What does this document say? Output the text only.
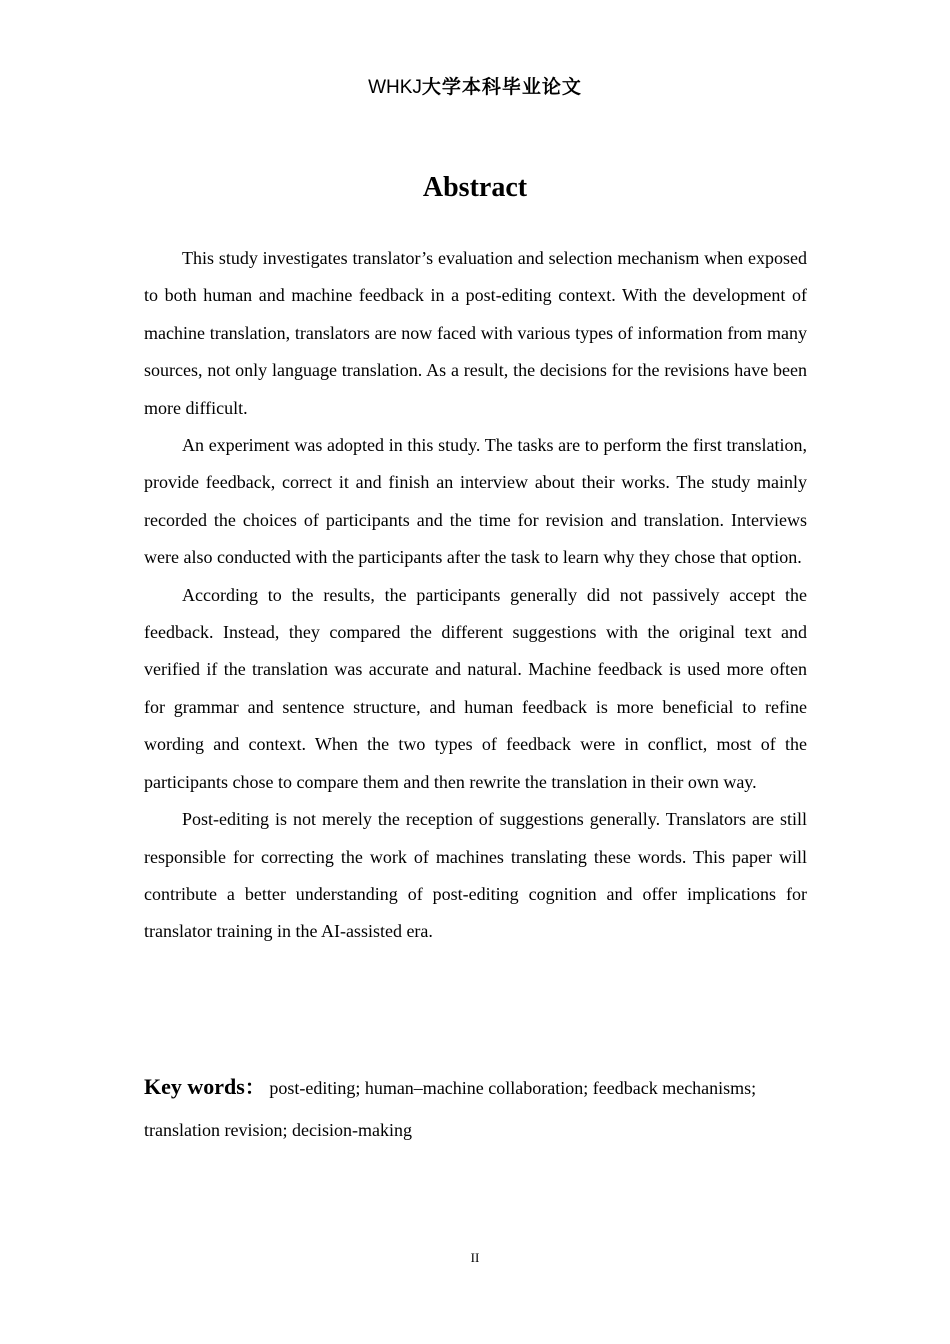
WHKJ大学本科毕业论文
Abstract

This study investigates translator’s evaluation and selection mechanism when exposed to both human and machine feedback in a post-editing context. With the development of machine translation, translators are now faced with various types of information from many sources, not only language translation. As a result, the decisions for the revisions have been more difficult.

An experiment was adopted in this study. The tasks are to perform the first translation, provide feedback, correct it and finish an interview about their works. The study mainly recorded the choices of participants and the time for revision and translation. Interviews were also conducted with the participants after the task to learn why they chose that option.

According to the results, the participants generally did not passively accept the feedback. Instead, they compared the different suggestions with the original text and verified if the translation was accurate and natural. Machine feedback is used more often for grammar and sentence structure, and human feedback is more beneficial to refine wording and context. When the two types of feedback were in conflict, most of the participants chose to compare them and then rewrite the translation in their own way.

Post-editing is not merely the reception of suggestions generally. Translators are still responsible for correcting the work of machines translating these words. This paper will contribute a better understanding of post-editing cognition and offer implications for translator training in the AI-assisted era.

Key words： post-editing; human–machine collaboration; feedback mechanisms; translation revision; decision-making
II
